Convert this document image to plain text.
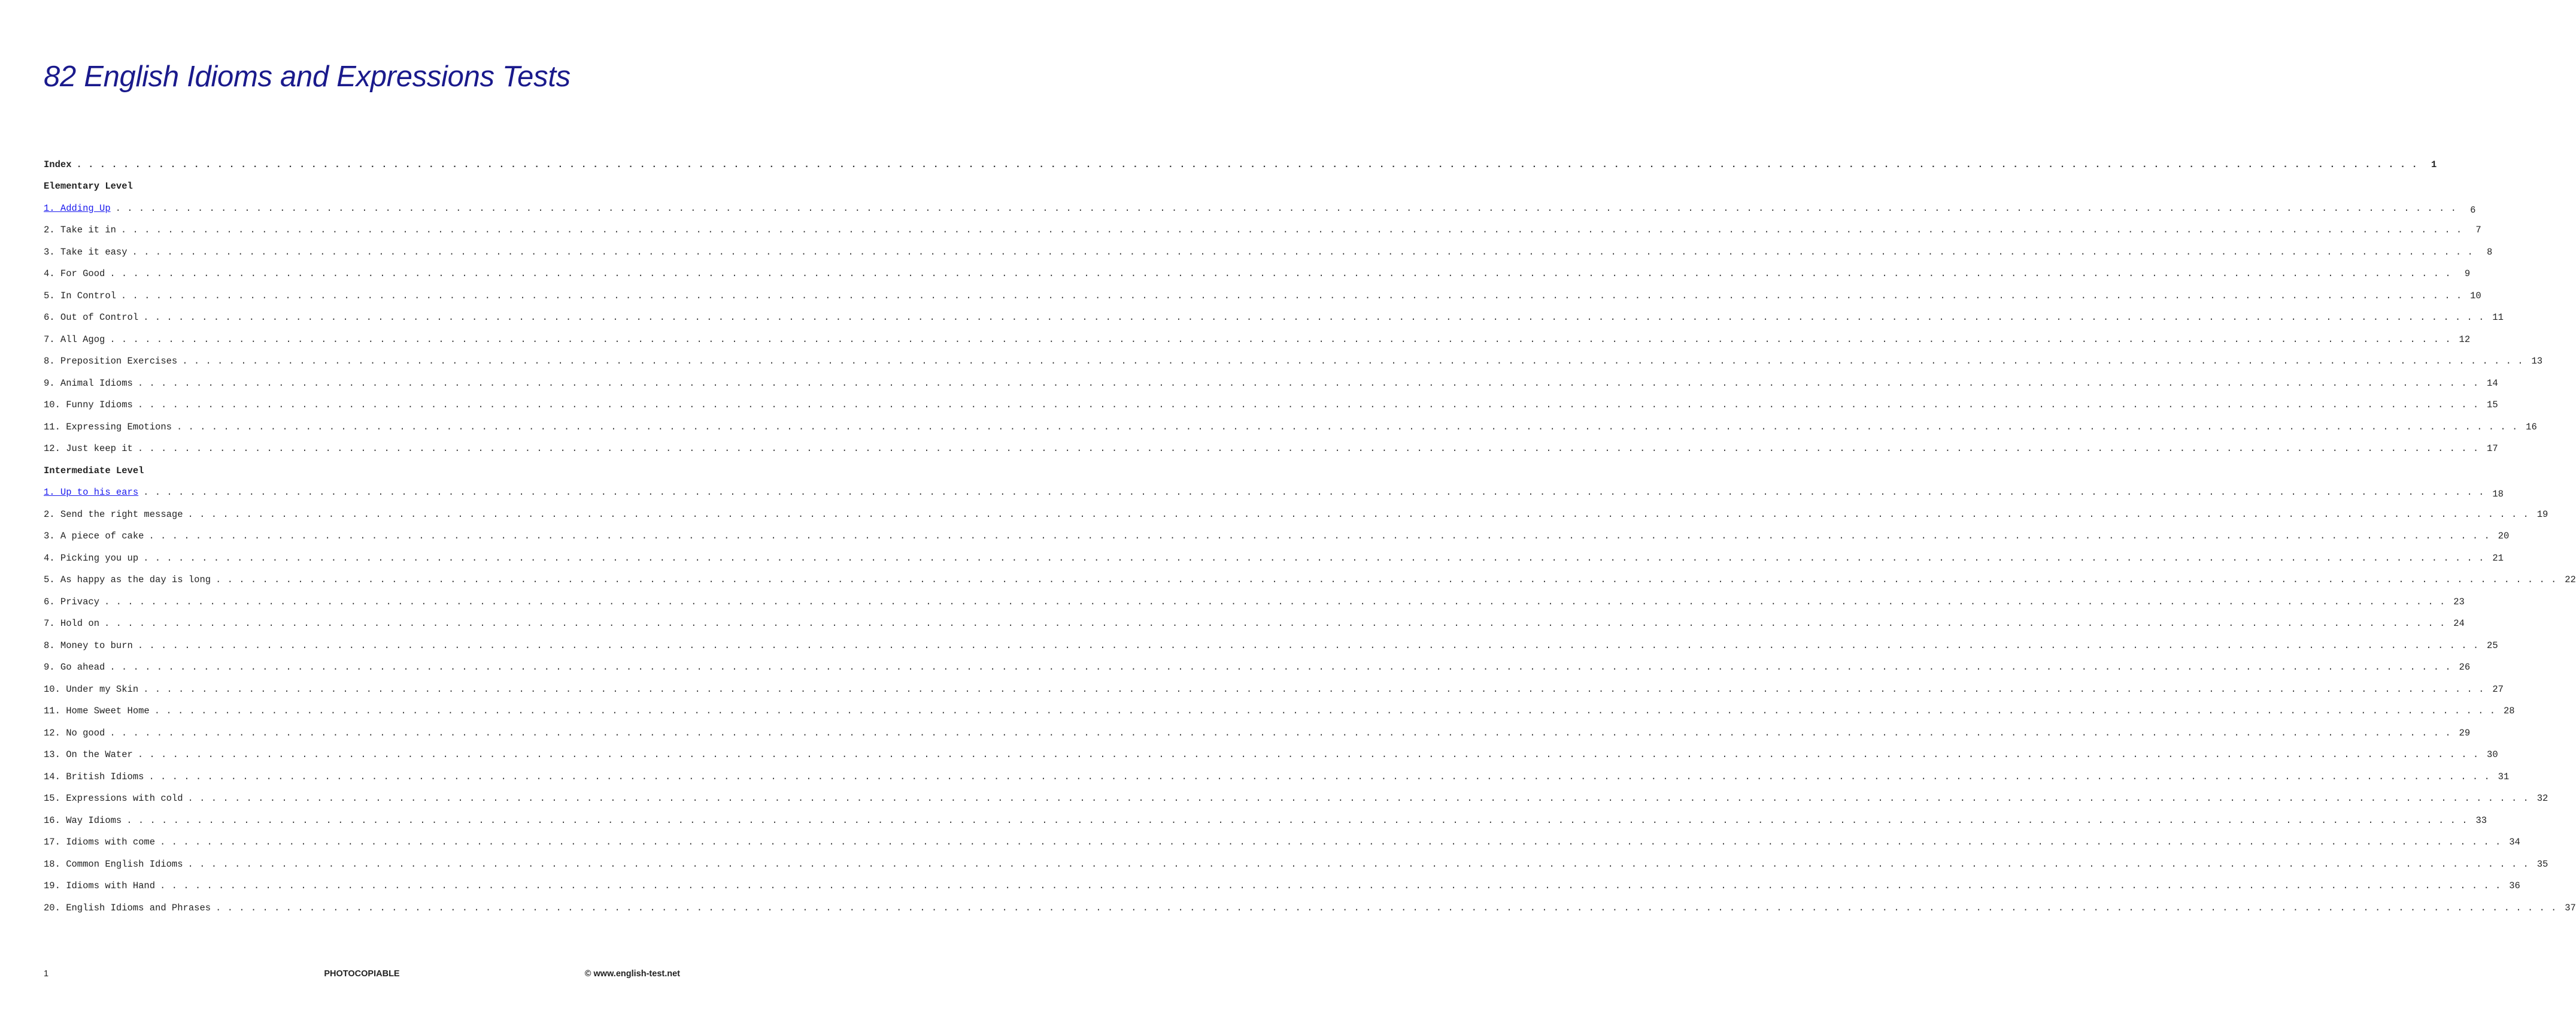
82 English Idioms and Expressions Tests
Index . . . . . . . . . . . . . . . . . . . . . . . . . . . . . . . . . . . . . . . . . . . . . . . . . . . . . . . . . . . . . . . . . . . . . . . . . . . . . . . . . . . . . . . . . . . . . . . . . . . . . . . . . . . . . . . . . . . . . . . . . . . . . . . . . . . . . . . . . . . . . . . . . . . . . . . . . . . . . . . . . . . . . . . . . . . . . . . . . . . . . . . . . . . . . . . . . . . . . . . .	1
Elementary Level
1. Adding Up . . . . . . . . . . . . . . . . . . . . . . . . . . . . . . . . . . . . . . . . . . . . . . . . . . . . . . . . . . . . . . . . . . . . . . . . . . . . . . . . . . . . . . . . . . . . . . . . . . . . . . . . . . . . . . . . . . . . . . . . . . . . . . . . . . . . . . . . . . . . . . . . . . . . . . . . . . . . . . . . . . . . . . . . . . . . . . . . . . . . . . . . . . . . . . . . . . . . . . . .	6
2. Take it in . . . . . . . . . . . . . . . . . . . . . . . . . . . . . . . . . . . . . . . . . . . . . . . . . . . . . . . . . . . . . . . . . . . . . . . . . . . . . . . . . . . . . . . . . . . . . . . . . . . . . . . . . . . . . . . . . . . . . . . . . . . . . . . . . . . . . . . . . . . . . . . . . . . . . . . . . . . . . . . . . . . . . . . . . . . . . . . . . . . . . . . . . . . . . . . . . . . . . . . .	7
3. Take it easy . . . . . . . . . . . . . . . . . . . . . . . . . . . . . . . . . . . . . . . . . . . . . . . . . . . . . . . . . . . . . . . . . . . . . . . . . . . . . . . . . . . . . . . . . . . . . . . . . . . . . . . . . . . . . . . . . . . . . . . . . . . . . . . . . . . . . . . . . . . . . . . . . . . . . . . . . . . . . . . . . . . . . . . . . . . . . . . . . . . . . . . . . . . . . . . . . . . . . . . .	8
4. For Good . . . . . . . . . . . . . . . . . . . . . . . . . . . . . . . . . . . . . . . . . . . . . . . . . . . . . . . . . . . . . . . . . . . . . . . . . . . . . . . . . . . . . . . . . . . . . . . . . . . . . . . . . . . . . . . . . . . . . . . . . . . . . . . . . . . . . . . . . . . . . . . . . . . . . . . . . . . . . . . . . . . . . . . . . . . . . . . . . . . . . . . . . . . . . . . . . . . . . . . .	9
5. In Control . . . . . . . . . . . . . . . . . . . . . . . . . . . . . . . . . . . . . . . . . . . . . . . . . . . . . . . . . . . . . . . . . . . . . . . . . . . . . . . . . . . . . . . . . . . . . . . . . . . . . . . . . . . . . . . . . . . . . . . . . . . . . . . . . . . . . . . . . . . . . . . . . . . . . . . . . . . . . . . . . . . . . . . . . . . . . . . . . . . . . . . . . . . . . . . . . . . . . . . . 10
6. Out of Control . . . . . . . . . . . . . . . . . . . . . . . . . . . . . . . . . . . . . . . . . . . . . . . . . . . . . . . . . . . . . . . . . . . . . . . . . . . . . . . . . . . . . . . . . . . . . . . . . . . . . . . . . . . . . . . . . . . . . . . . . . . . . . . . . . . . . . . . . . . . . . . . . . . . . . . . . . . . . . . . . . . . . . . . . . . . . . . . . . . . . . . . . . . . . . . . . . . . . . . . 11
7. All Agog . . . . . . . . . . . . . . . . . . . . . . . . . . . . . . . . . . . . . . . . . . . . . . . . . . . . . . . . . . . . . . . . . . . . . . . . . . . . . . . . . . . . . . . . . . . . . . . . . . . . . . . . . . . . . . . . . . . . . . . . . . . . . . . . . . . . . . . . . . . . . . . . . . . . . . . . . . . . . . . . . . . . . . . . . . . . . . . . . . . . . . . . . . . . . . . . . . . . . . . . 12
8. Preposition Exercises . . . . . . . . . . . . . . . . . . . . . . . . . . . . . . . . . . . . . . . . . . . . . . . . . . . . . . . . . . . . . . . . . . . . . . . . . . . . . . . . . . . . . . . . . . . . . . . . . . . . . . . . . . . . . . . . . . . . . . . . . . . . . . . . . . . . . . . . . . . . . . . . . . . . . . . . . . . . . . . . . . . . . . . . . . . . . . . . . . . . . . . . . . . . . . . . . . . . . . . . 13
9. Animal Idioms . . . . . . . . . . . . . . . . . . . . . . . . . . . . . . . . . . . . . . . . . . . . . . . . . . . . . . . . . . . . . . . . . . . . . . . . . . . . . . . . . . . . . . . . . . . . . . . . . . . . . . . . . . . . . . . . . . . . . . . . . . . . . . . . . . . . . . . . . . . . . . . . . . . . . . . . . . . . . . . . . . . . . . . . . . . . . . . . . . . . . . . . . . . . . . . . . . . . . . . . 14
10. Funny Idioms . . . . . . . . . . . . . . . . . . . . . . . . . . . . . . . . . . . . . . . . . . . . . . . . . . . . . . . . . . . . . . . . . . . . . . . . . . . . . . . . . . . . . . . . . . . . . . . . . . . . . . . . . . . . . . . . . . . . . . . . . . . . . . . . . . . . . . . . . . . . . . . . . . . . . . . . . . . . . . . . . . . . . . . . . . . . . . . . . . . . . . . . . . . . . . . . . . . . . . . . 15
11. Expressing Emotions . . . . . . . . . . . . . . . . . . . . . . . . . . . . . . . . . . . . . . . . . . . . . . . . . . . . . . . . . . . . . . . . . . . . . . . . . . . . . . . . . . . . . . . . . . . . . . . . . . . . . . . . . . . . . . . . . . . . . . . . . . . . . . . . . . . . . . . . . . . . . . . . . . . . . . . . . . . . . . . . . . . . . . . . . . . . . . . . . . . . . . . . . . . . . . . . . . . . . . . . 16
12. Just keep it . . . . . . . . . . . . . . . . . . . . . . . . . . . . . . . . . . . . . . . . . . . . . . . . . . . . . . . . . . . . . . . . . . . . . . . . . . . . . . . . . . . . . . . . . . . . . . . . . . . . . . . . . . . . . . . . . . . . . . . . . . . . . . . . . . . . . . . . . . . . . . . . . . . . . . . . . . . . . . . . . . . . . . . . . . . . . . . . . . . . . . . . . . . . . . . . . . . . . . . . 17
Intermediate Level
1. Up to his ears . . . . . . . . . . . . . . . . . . . . . . . . . . . . . . . . . . . . . . . . . . . . . . . . . . . . . . . . . . . . . . . . . . . . . . . . . . . . . . . . . . . . . . . . . . . . . . . . . . . . . . . . . . . . . . . . . . . . . . . . . . . . . . . . . . . . . . . . . . . . . . . . . . . . . . . . . . . . . . . . . . . . . . . . . . . . . . . . . . . . . . . . . . . . . . . . . . . . . . . . 18
2. Send the right message . . . . . . . . . . . . . . . . . . . . . . . . . . . . . . . . . . . . . . . . . . . . . . . . . . . . . . . . . . . . . . . . . . . . . . . . . . . . . . . . . . . . . . . . . . . . . . . . . . . . . . . . . . . . . . . . . . . . . . . . . . . . . . . . . . . . . . . . . . . . . . . . . . . . . . . . . . . . . . . . . . . . . . . . . . . . . . . . . . . . . . . . . . . . . . . . . . . . . . . . 19
3. A piece of cake . . . . . . . . . . . . . . . . . . . . . . . . . . . . . . . . . . . . . . . . . . . . . . . . . . . . . . . . . . . . . . . . . . . . . . . . . . . . . . . . . . . . . . . . . . . . . . . . . . . . . . . . . . . . . . . . . . . . . . . . . . . . . . . . . . . . . . . . . . . . . . . . . . . . . . . . . . . . . . . . . . . . . . . . . . . . . . . . . . . . . . . . . . . . . . . . . . . . . . . . 20
4. Picking you up . . . . . . . . . . . . . . . . . . . . . . . . . . . . . . . . . . . . . . . . . . . . . . . . . . . . . . . . . . . . . . . . . . . . . . . . . . . . . . . . . . . . . . . . . . . . . . . . . . . . . . . . . . . . . . . . . . . . . . . . . . . . . . . . . . . . . . . . . . . . . . . . . . . . . . . . . . . . . . . . . . . . . . . . . . . . . . . . . . . . . . . . . . . . . . . . . . . . . . . . 21
5. As happy as the day is long . . . . . . . . . . . . . . . . . . . . . . . . . . . . . . . . . . . . . . . . . . . . . . . . . . . . . . . . . . . . . . . . . . . . . . . . . . . . . . . . . . . . . . . . . . . . . . . . . . . . . . . . . . . . . . . . . . . . . . . . . . . . . . . . . . . . . . . . . . . . . . . . . . . . . . . . . . . . . . . . . . . . . . . . . . . . . . . . . . . . . . . . . . . . . . . . . . . . . . . . 22
6. Privacy . . . . . . . . . . . . . . . . . . . . . . . . . . . . . . . . . . . . . . . . . . . . . . . . . . . . . . . . . . . . . . . . . . . . . . . . . . . . . . . . . . . . . . . . . . . . . . . . . . . . . . . . . . . . . . . . . . . . . . . . . . . . . . . . . . . . . . . . . . . . . . . . . . . . . . . . . . . . . . . . . . . . . . . . . . . . . . . . . . . . . . . . . . . . . . . . . . . . . . . . 23
7. Hold on . . . . . . . . . . . . . . . . . . . . . . . . . . . . . . . . . . . . . . . . . . . . . . . . . . . . . . . . . . . . . . . . . . . . . . . . . . . . . . . . . . . . . . . . . . . . . . . . . . . . . . . . . . . . . . . . . . . . . . . . . . . . . . . . . . . . . . . . . . . . . . . . . . . . . . . . . . . . . . . . . . . . . . . . . . . . . . . . . . . . . . . . . . . . . . . . . . . . . . . . 24
8. Money to burn . . . . . . . . . . . . . . . . . . . . . . . . . . . . . . . . . . . . . . . . . . . . . . . . . . . . . . . . . . . . . . . . . . . . . . . . . . . . . . . . . . . . . . . . . . . . . . . . . . . . . . . . . . . . . . . . . . . . . . . . . . . . . . . . . . . . . . . . . . . . . . . . . . . . . . . . . . . . . . . . . . . . . . . . . . . . . . . . . . . . . . . . . . . . . . . . . . . . . . . . 25
9. Go ahead . . . . . . . . . . . . . . . . . . . . . . . . . . . . . . . . . . . . . . . . . . . . . . . . . . . . . . . . . . . . . . . . . . . . . . . . . . . . . . . . . . . . . . . . . . . . . . . . . . . . . . . . . . . . . . . . . . . . . . . . . . . . . . . . . . . . . . . . . . . . . . . . . . . . . . . . . . . . . . . . . . . . . . . . . . . . . . . . . . . . . . . . . . . . . . . . . . . . . . . . 26
10. Under my Skin . . . . . . . . . . . . . . . . . . . . . . . . . . . . . . . . . . . . . . . . . . . . . . . . . . . . . . . . . . . . . . . . . . . . . . . . . . . . . . . . . . . . . . . . . . . . . . . . . . . . . . . . . . . . . . . . . . . . . . . . . . . . . . . . . . . . . . . . . . . . . . . . . . . . . . . . . . . . . . . . . . . . . . . . . . . . . . . . . . . . . . . . . . . . . . . . . . . . . . . . 27
11. Home Sweet Home . . . . . . . . . . . . . . . . . . . . . . . . . . . . . . . . . . . . . . . . . . . . . . . . . . . . . . . . . . . . . . . . . . . . . . . . . . . . . . . . . . . . . . . . . . . . . . . . . . . . . . . . . . . . . . . . . . . . . . . . . . . . . . . . . . . . . . . . . . . . . . . . . . . . . . . . . . . . . . . . . . . . . . . . . . . . . . . . . . . . . . . . . . . . . . . . . . . . . . . . 28
12. No good . . . . . . . . . . . . . . . . . . . . . . . . . . . . . . . . . . . . . . . . . . . . . . . . . . . . . . . . . . . . . . . . . . . . . . . . . . . . . . . . . . . . . . . . . . . . . . . . . . . . . . . . . . . . . . . . . . . . . . . . . . . . . . . . . . . . . . . . . . . . . . . . . . . . . . . . . . . . . . . . . . . . . . . . . . . . . . . . . . . . . . . . . . . . . . . . . . . . . . . . 29
13. On the Water . . . . . . . . . . . . . . . . . . . . . . . . . . . . . . . . . . . . . . . . . . . . . . . . . . . . . . . . . . . . . . . . . . . . . . . . . . . . . . . . . . . . . . . . . . . . . . . . . . . . . . . . . . . . . . . . . . . . . . . . . . . . . . . . . . . . . . . . . . . . . . . . . . . . . . . . . . . . . . . . . . . . . . . . . . . . . . . . . . . . . . . . . . . . . . . . . . . . . . . . 30
14. British Idioms . . . . . . . . . . . . . . . . . . . . . . . . . . . . . . . . . . . . . . . . . . . . . . . . . . . . . . . . . . . . . . . . . . . . . . . . . . . . . . . . . . . . . . . . . . . . . . . . . . . . . . . . . . . . . . . . . . . . . . . . . . . . . . . . . . . . . . . . . . . . . . . . . . . . . . . . . . . . . . . . . . . . . . . . . . . . . . . . . . . . . . . . . . . . . . . . . . . . . . . . 31
15. Expressions with cold . . . . . . . . . . . . . . . . . . . . . . . . . . . . . . . . . . . . . . . . . . . . . . . . . . . . . . . . . . . . . . . . . . . . . . . . . . . . . . . . . . . . . . . . . . . . . . . . . . . . . . . . . . . . . . . . . . . . . . . . . . . . . . . . . . . . . . . . . . . . . . . . . . . . . . . . . . . . . . . . . . . . . . . . . . . . . . . . . . . . . . . . . . . . . . . . . . . . . . . . 32
16. Way Idioms . . . . . . . . . . . . . . . . . . . . . . . . . . . . . . . . . . . . . . . . . . . . . . . . . . . . . . . . . . . . . . . . . . . . . . . . . . . . . . . . . . . . . . . . . . . . . . . . . . . . . . . . . . . . . . . . . . . . . . . . . . . . . . . . . . . . . . . . . . . . . . . . . . . . . . . . . . . . . . . . . . . . . . . . . . . . . . . . . . . . . . . . . . . . . . . . . . . . . . . . 33
17. Idioms with come . . . . . . . . . . . . . . . . . . . . . . . . . . . . . . . . . . . . . . . . . . . . . . . . . . . . . . . . . . . . . . . . . . . . . . . . . . . . . . . . . . . . . . . . . . . . . . . . . . . . . . . . . . . . . . . . . . . . . . . . . . . . . . . . . . . . . . . . . . . . . . . . . . . . . . . . . . . . . . . . . . . . . . . . . . . . . . . . . . . . . . . . . . . . . . . . . . . . . . . . 34
18. Common English Idioms . . . . . . . . . . . . . . . . . . . . . . . . . . . . . . . . . . . . . . . . . . . . . . . . . . . . . . . . . . . . . . . . . . . . . . . . . . . . . . . . . . . . . . . . . . . . . . . . . . . . . . . . . . . . . . . . . . . . . . . . . . . . . . . . . . . . . . . . . . . . . . . . . . . . . . . . . . . . . . . . . . . . . . . . . . . . . . . . . . . . . . . . . . . . . . . . . . . . . . . . 35
19. Idioms with Hand . . . . . . . . . . . . . . . . . . . . . . . . . . . . . . . . . . . . . . . . . . . . . . . . . . . . . . . . . . . . . . . . . . . . . . . . . . . . . . . . . . . . . . . . . . . . . . . . . . . . . . . . . . . . . . . . . . . . . . . . . . . . . . . . . . . . . . . . . . . . . . . . . . . . . . . . . . . . . . . . . . . . . . . . . . . . . . . . . . . . . . . . . . . . . . . . . . . . . . . . 36
20. English Idioms and Phrases . . . . . . . . . . . . . . . . . . . . . . . . . . . . . . . . . . . . . . . . . . . . . . . . . . . . . . . . . . . . . . . . . . . . . . . . . . . . . . . . . . . . . . . . . . . . . . . . . . . . . . . . . . . . . . . . . . . . . . . . . . . . . . . . . . . . . . . . . . . . . . . . . . . . . . . . . . . . . . . . . . . . . . . . . . . . . . . . . . . . . . . . . . . . . . . . . . . . . . . . 37
1	PHOTOCOPIABLE	© www.english-test.net
